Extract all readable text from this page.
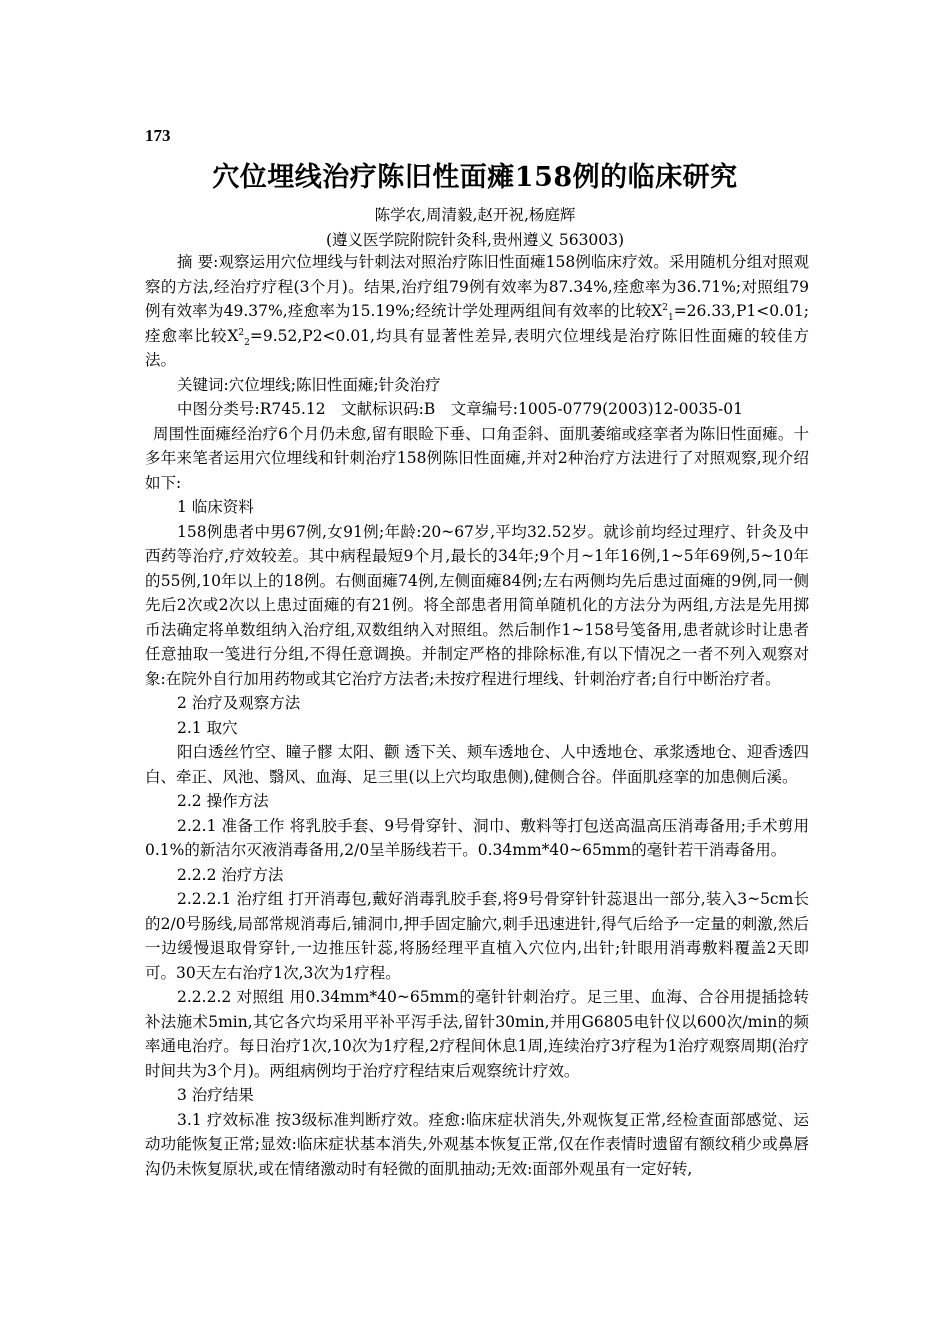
173
穴位埋线治疗陈旧性面瘫158例的临床研究
陈学农,周清毅,赵开祝,杨庭辉
(遵义医学院附院针灸科,贵州遵义 563003)

摘 要:观察运用穴位埋线与针刺法对照治疗陈旧性面瘫158例临床疗效。采用随机分组对照观察的方法,经治疗疗程(3个月)。结果,治疗组79例有效率为87.34%,痊愈率为36.71%;对照组79例有效率为49.37%,痊愈率为15.19%;经统计学处理两组间有效率的比较$X^2_1=26.33,P1<0.01$;痊愈率比较$X^2_2=9.52,P2<0.01$,均具有显著性差异,表明穴位埋线是治疗陈旧性面瘫的较佳方法。

关键词:穴位埋线;陈旧性面瘫;针灸治疗

中图分类号:R745.12　文献标识码:B　文章编号:1005-0779(2003)12-0035-01

周围性面瘫经治疗6个月仍未愈,留有眼睑下垂、口角歪斜、面肌萎缩或痉挛者为陈旧性面瘫。十多年来笔者运用穴位埋线和针刺治疗158例陈旧性面瘫,并对2种治疗方法进行了对照观察,现介绍如下:

1 临床资料

158例患者中男67例,女91例;年龄:20~67岁,平均32.52岁。就诊前均经过理疗、针灸及中西药等治疗,疗效较差。其中病程最短9个月,最长的34年;9个月~1年16例,1~5年69例,5~10年的55例,10年以上的18例。右侧面瘫74例,左侧面瘫84例;左右两侧均先后患过面瘫的9例,同一侧先后2次或2次以上患过面瘫的有21例。将全部患者用简单随机化的方法分为两组,方法是先用掷币法确定将单数组纳入治疗组,双数组纳入对照组。然后制作1~158号笺备用,患者就诊时让患者任意抽取一笺进行分组,不得任意调换。并制定严格的排除标准,有以下情况之一者不列入观察对象:在院外自行加用药物或其它治疗方法者;未按疗程进行埋线、针刺治疗者;自行中断治疗者。

2 治疗及观察方法

2.1 取穴

阳白透丝竹空、瞳子髎 太阳、颧 透下关、颊车透地仓、人中透地仓、承浆透地仓、迎香透四白、牵正、风池、翳风、血海、足三里(以上穴均取患侧),健侧合谷。伴面肌痉挛的加患侧后溪。

2.2 操作方法

2.2.1 准备工作 将乳胶手套、9号骨穿针、洞巾、敷料等打包送高温高压消毒备用;手术剪用0.1%的新洁尔灭液消毒备用,2/0呈羊肠线若干。0.34mm*40~65mm的毫针若干消毒备用。

2.2.2 治疗方法

2.2.2.1 治疗组 打开消毒包,戴好消毒乳胶手套,将9号骨穿针针蕊退出一部分,装入3~5cm长的2/0号肠线,局部常规消毒后,铺洞巾,押手固定腧穴,刺手迅速进针,得气后给予一定量的刺激,然后一边缓慢退取骨穿针,一边推压针蕊,将肠经理平直植入穴位内,出针;针眼用消毒敷料覆盖2天即可。30天左右治疗1次,3次为1疗程。

2.2.2.2 对照组 用0.34mm*40~65mm的毫针针刺治疗。足三里、血海、合谷用提插捻转补法施术5min,其它各穴均采用平补平泻手法,留针30min,并用G6805电针仪以600次/min的频率通电治疗。每日治疗1次,10次为1疗程,2疗程间休息1周,连续治疗3疗程为1治疗观察周期(治疗时间共为3个月)。两组病例均于治疗疗程结束后观察统计疗效。

3 治疗结果

3.1 疗效标准 按3级标准判断疗效。痊愈:临床症状消失,外观恢复正常,经检查面部感觉、运动功能恢复正常;显效:临床症状基本消失,外观基本恢复正常,仅在作表情时遗留有额纹稍少或鼻唇沟仍未恢复原状,或在情绪激动时有轻微的面肌抽动;无效:面部外观虽有一定好转,
